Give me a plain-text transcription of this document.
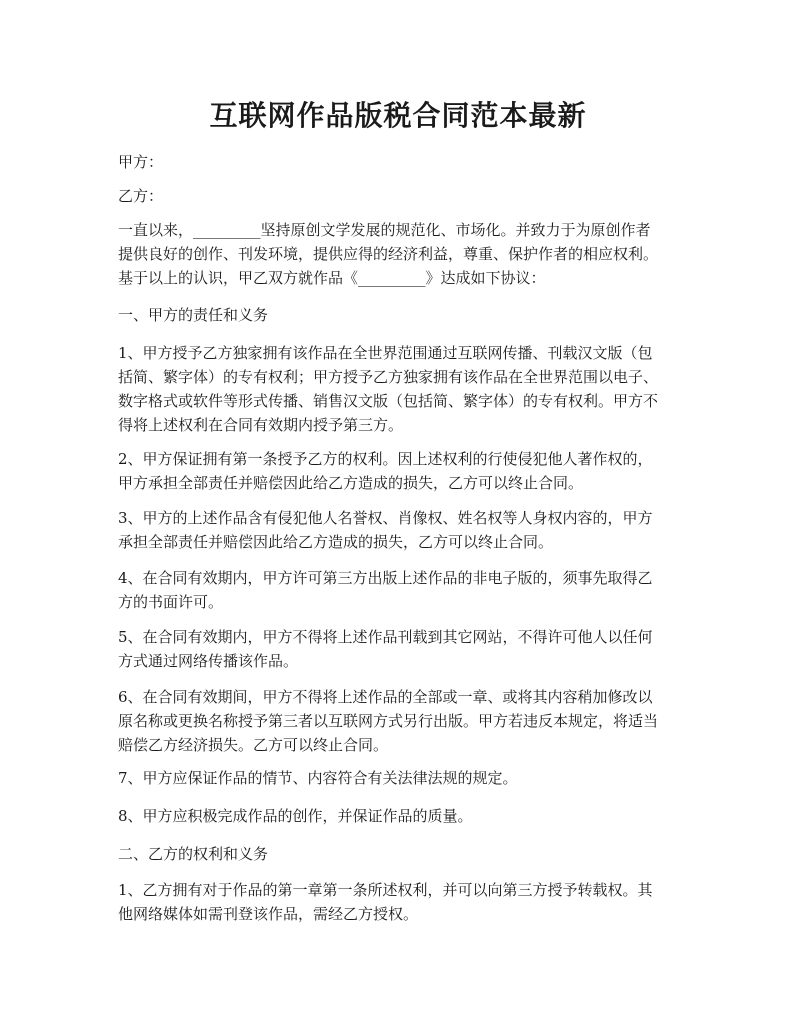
互联网作品版税合同范本最新

甲方：

乙方：

一直以来，_________坚持原创文学发展的规范化、市场化。并致力于为原创作者
提供良好的创作、刊发环境，提供应得的经济利益，尊重、保护作者的相应权利。
基于以上的认识，甲乙双方就作品《_________》达成如下协议：

一、甲方的责任和义务

1、甲方授予乙方独家拥有该作品在全世界范围通过互联网传播、刊载汉文版（包
括简、繁字体）的专有权利；甲方授予乙方独家拥有该作品在全世界范围以电子、
数字格式或软件等形式传播、销售汉文版（包括简、繁字体）的专有权利。甲方不
得将上述权利在合同有效期内授予第三方。

2、甲方保证拥有第一条授予乙方的权利。因上述权利的行使侵犯他人著作权的，
甲方承担全部责任并赔偿因此给乙方造成的损失，乙方可以终止合同。

3、甲方的上述作品含有侵犯他人名誉权、肖像权、姓名权等人身权内容的，甲方
承担全部责任并赔偿因此给乙方造成的损失，乙方可以终止合同。

4、在合同有效期内，甲方许可第三方出版上述作品的非电子版的，须事先取得乙
方的书面许可。

5、在合同有效期内，甲方不得将上述作品刊载到其它网站，不得许可他人以任何
方式通过网络传播该作品。

6、在合同有效期间，甲方不得将上述作品的全部或一章、或将其内容稍加修改以
原名称或更换名称授予第三者以互联网方式另行出版。甲方若违反本规定，将适当
赔偿乙方经济损失。乙方可以终止合同。

7、甲方应保证作品的情节、内容符合有关法律法规的规定。

8、甲方应积极完成作品的创作，并保证作品的质量。

二、乙方的权利和义务

1、乙方拥有对于作品的第一章第一条所述权利，并可以向第三方授予转载权。其
他网络媒体如需刊登该作品，需经乙方授权。
